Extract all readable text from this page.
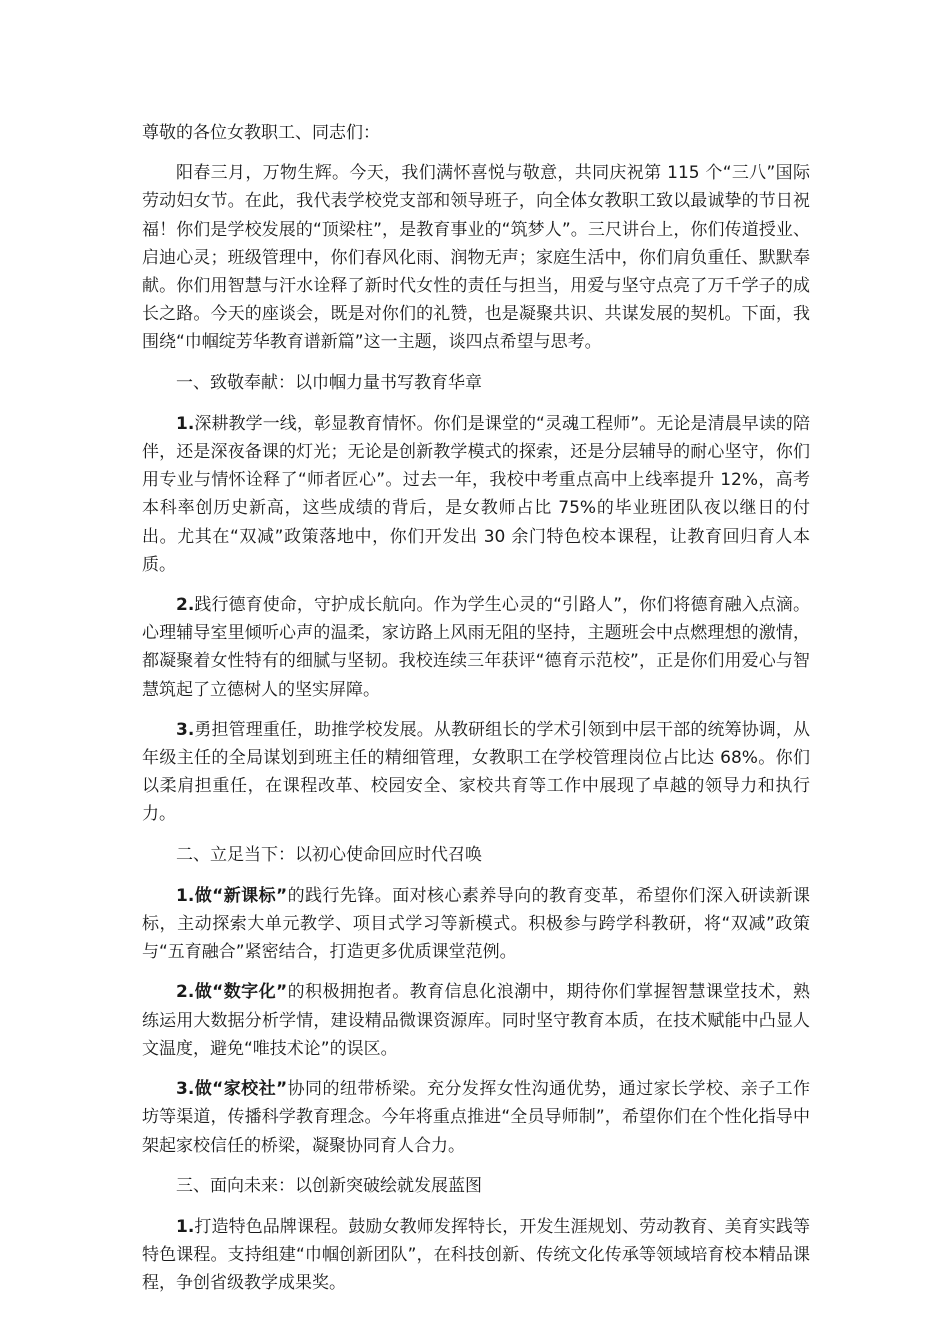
尊敬的各位女教职工、同志们：

阳春三月，万物生辉。今天，我们满怀喜悦与敬意，共同庆祝第 115 个“三八”国际劳动妇女节。在此，我代表学校党支部和领导班子，向全体女教职工致以最诚挚的节日祝福！你们是学校发展的“顶梁柱”，是教育事业的“筑梦人”。三尺讲台上，你们传道授业、启迪心灵；班级管理中，你们春风化雨、润物无声；家庭生活中，你们肩负重任、默默奉献。你们用智慧与汗水诠释了新时代女性的责任与担当，用爱与坚守点亮了万千学子的成长之路。今天的座谈会，既是对你们的礼赞，也是凝聚共识、共谋发展的契机。下面，我围绕“巾帼绽芳华教育谱新篇”这一主题，谈四点希望与思考。

一、致敬奉献：以巾帼力量书写教育华章

1.深耕教学一线，彰显教育情怀。你们是课堂的“灵魂工程师”。无论是清晨早读的陪伴，还是深夜备课的灯光；无论是创新教学模式的探索，还是分层辅导的耐心坚守，你们用专业与情怀诠释了“师者匠心”。过去一年，我校中考重点高中上线率提升 12%，高考本科率创历史新高，这些成绩的背后，是女教师占比 75%的毕业班团队夜以继日的付出。尤其在“双减”政策落地中，你们开发出 30 余门特色校本课程，让教育回归育人本质。

2.践行德育使命，守护成长航向。作为学生心灵的“引路人”，你们将德育融入点滴。心理辅导室里倾听心声的温柔，家访路上风雨无阻的坚持，主题班会中点燃理想的激情，都凝聚着女性特有的细腻与坚韧。我校连续三年获评“德育示范校”，正是你们用爱心与智慧筑起了立德树人的坚实屏障。

3.勇担管理重任，助推学校发展。从教研组长的学术引领到中层干部的统筹协调，从年级主任的全局谋划到班主任的精细管理，女教职工在学校管理岗位占比达 68%。你们以柔肩担重任，在课程改革、校园安全、家校共育等工作中展现了卓越的领导力和执行力。

二、立足当下：以初心使命回应时代召唤

1.做“新课标”的践行先锋。面对核心素养导向的教育变革，希望你们深入研读新课标，主动探索大单元教学、项目式学习等新模式。积极参与跨学科教研，将“双减”政策与“五育融合”紧密结合，打造更多优质课堂范例。

2.做“数字化”的积极拥抱者。教育信息化浪潮中，期待你们掌握智慧课堂技术，熟练运用大数据分析学情，建设精品微课资源库。同时坚守教育本质，在技术赋能中凸显人文温度，避免“唯技术论”的误区。

3.做“家校社”协同的纽带桥梁。充分发挥女性沟通优势，通过家长学校、亲子工作坊等渠道，传播科学教育理念。今年将重点推进“全员导师制”，希望你们在个性化指导中架起家校信任的桥梁，凝聚协同育人合力。

三、面向未来：以创新突破绘就发展蓝图

1.打造特色品牌课程。鼓励女教师发挥特长，开发生涯规划、劳动教育、美育实践等特色课程。支持组建“巾帼创新团队”，在科技创新、传统文化传承等领域培育校本精品课程，争创省级教学成果奖。
